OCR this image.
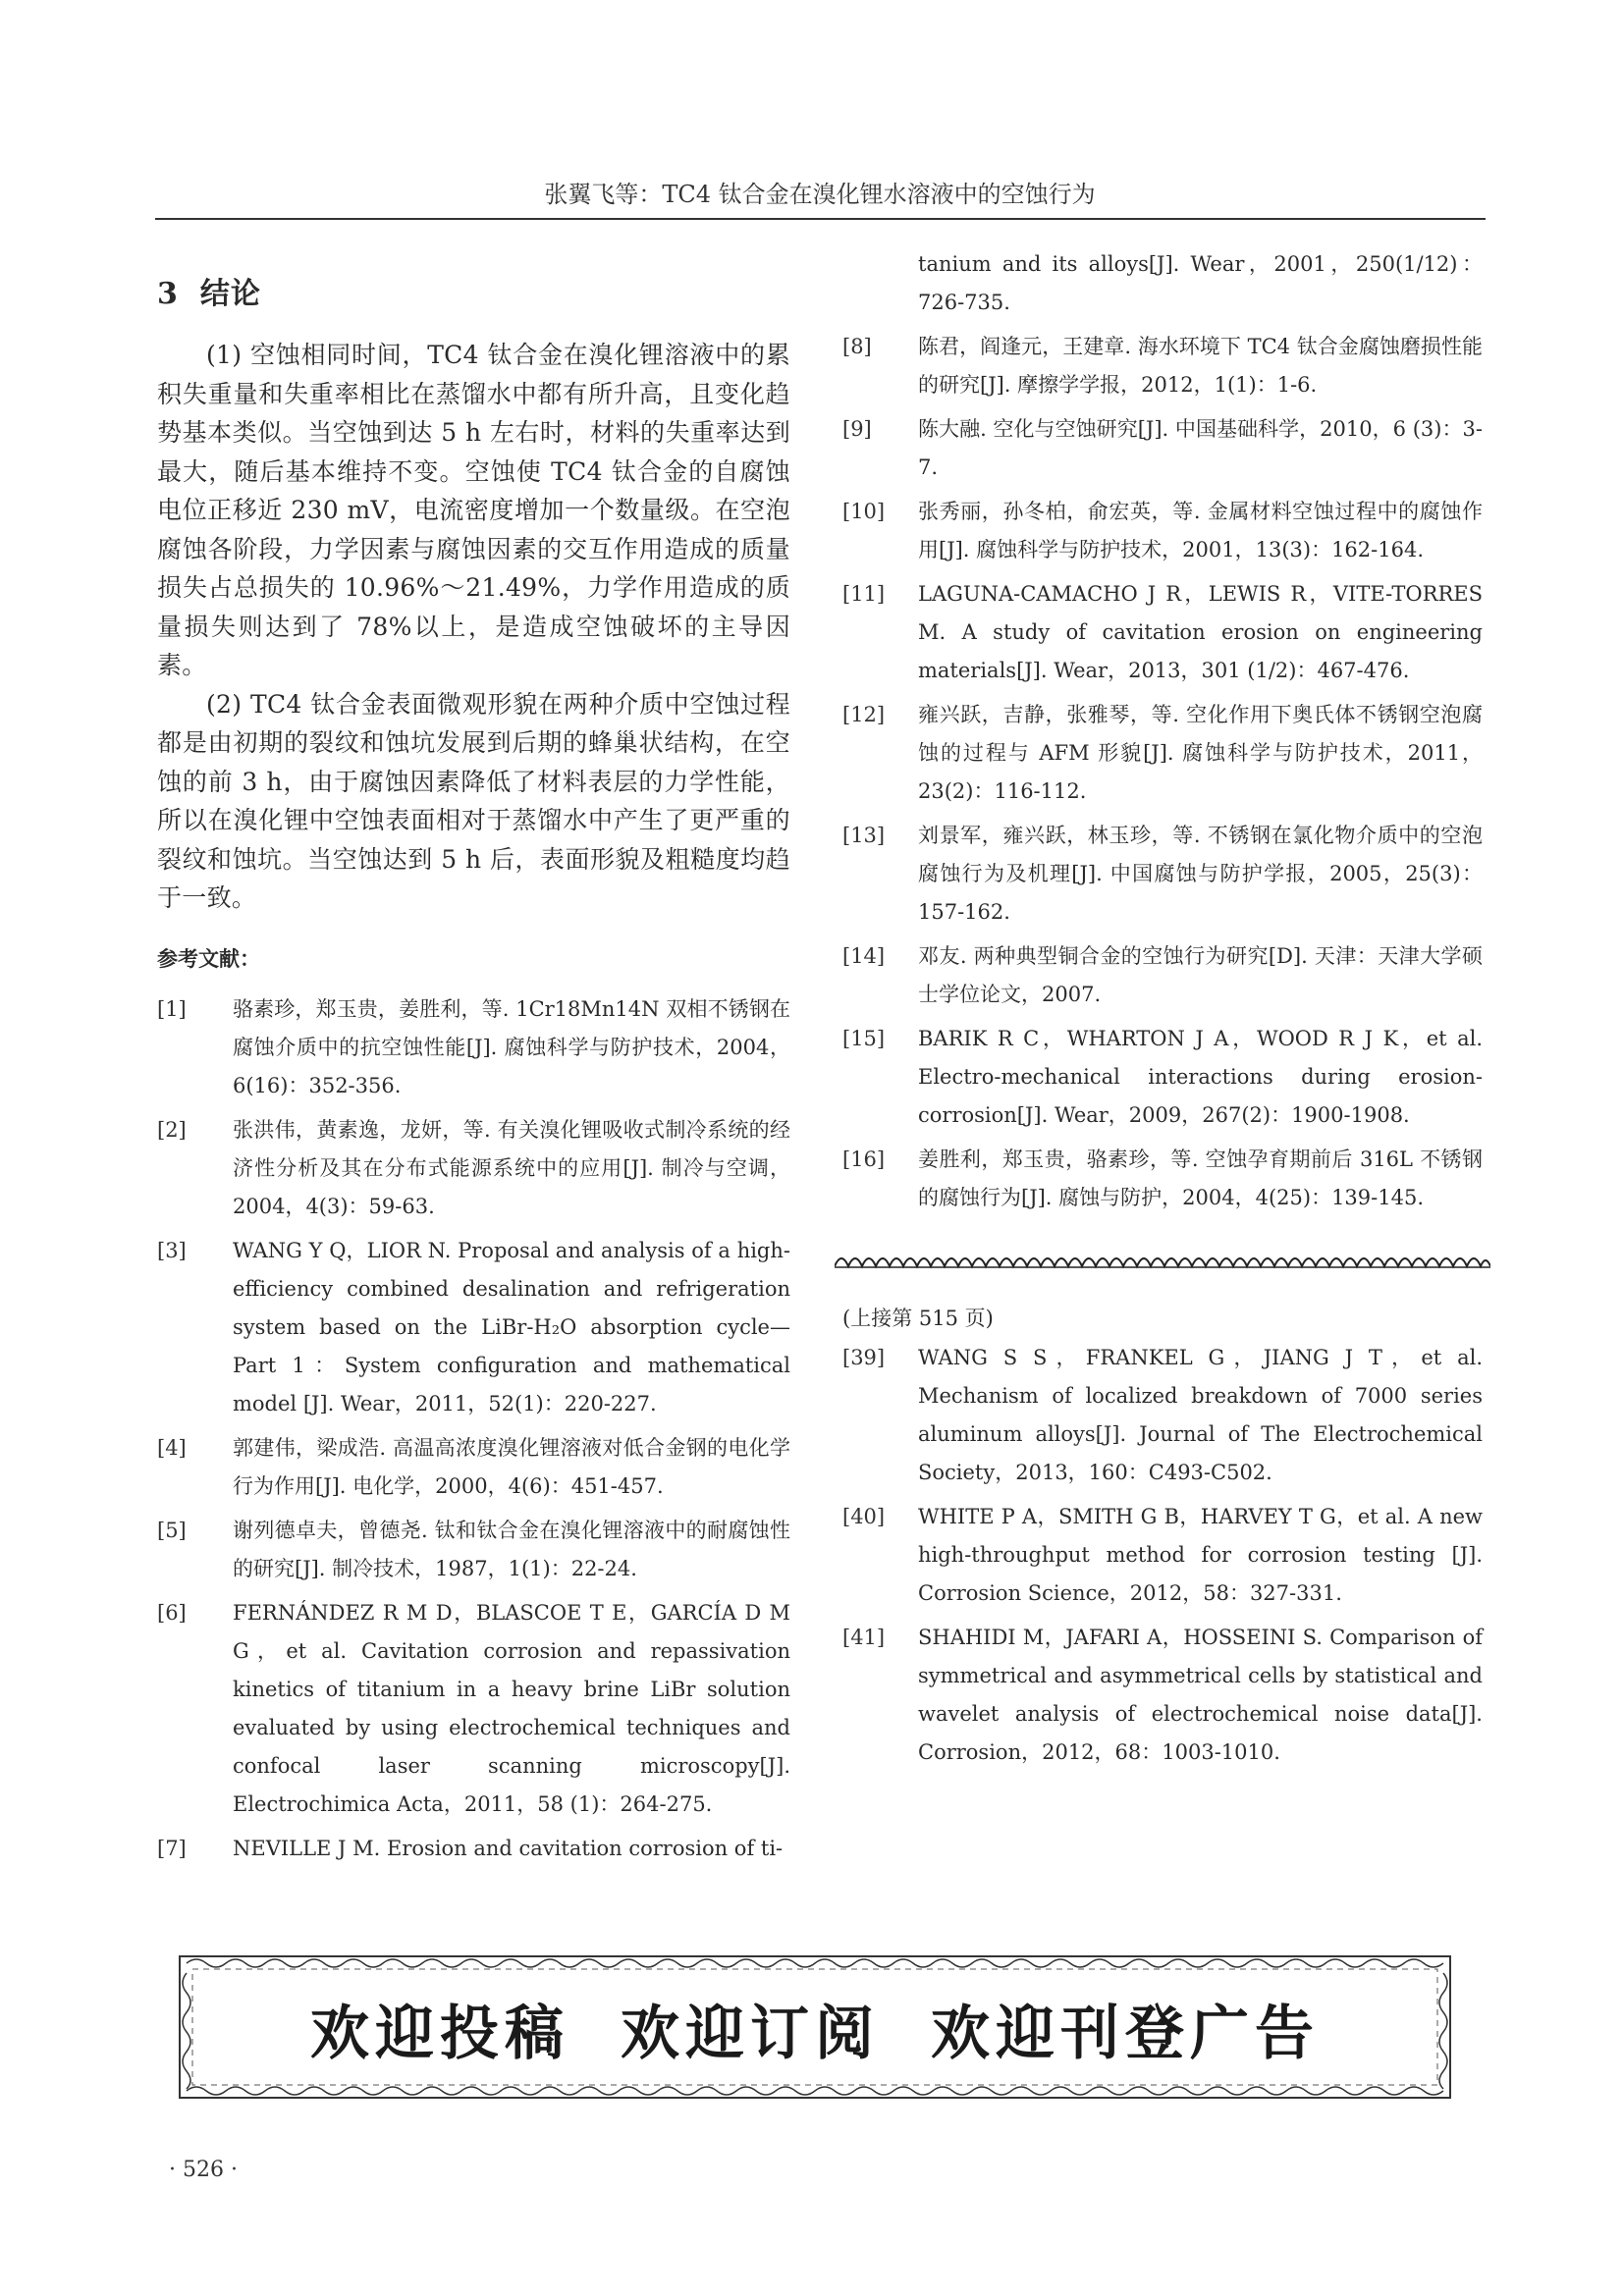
张翼飞等：TC4 钛合金在溴化锂水溶液中的空蚀行为
3 结论

(1) 空蚀相同时间，TC4 钛合金在溴化锂溶液中的累积失重量和失重率相比在蒸馏水中都有所升高，且变化趋势基本类似。当空蚀到达 5 h 左右时，材料的失重率达到最大，随后基本维持不变。空蚀使 TC4 钛合金的自腐蚀电位正移近 230 mV，电流密度增加一个数量级。在空泡腐蚀各阶段，力学因素与腐蚀因素的交互作用造成的质量损失占总损失的 10.96%～21.49%，力学作用造成的质量损失则达到了 78%以上，是造成空蚀破坏的主导因素。

(2) TC4 钛合金表面微观形貌在两种介质中空蚀过程都是由初期的裂纹和蚀坑发展到后期的蜂巢状结构，在空蚀的前 3 h，由于腐蚀因素降低了材料表层的力学性能，所以在溴化锂中空蚀表面相对于蒸馏水中产生了更严重的裂纹和蚀坑。当空蚀达到 5 h 后，表面形貌及粗糙度均趋于一致。

参考文献：
[1]	骆素珍，郑玉贵，姜胜利，等. 1Cr18Mn14N 双相不锈钢在腐蚀介质中的抗空蚀性能[J]. 腐蚀科学与防护技术，2004，6(16)：352-356.
[2]	张洪伟，黄素逸，龙妍，等. 有关溴化锂吸收式制冷系统的经济性分析及其在分布式能源系统中的应用[J]. 制冷与空调，2004，4(3)：59-63.
[3]	WANG Y Q，LIOR N. Proposal and analysis of a high-efficiency combined desalination and refrigeration system based on the LiBr-H₂O absorption cycle—Part 1：System configuration and mathematical model [J]. Wear，2011，52(1)：220-227.
[4]	郭建伟，梁成浩. 高温高浓度溴化锂溶液对低合金钢的电化学行为作用[J]. 电化学，2000，4(6)：451-457.
[5]	谢列德卓夫，曾德尧. 钛和钛合金在溴化锂溶液中的耐腐蚀性的研究[J]. 制冷技术，1987，1(1)：22-24.
[6]	FERNÁNDEZ R M D，BLASCOE T E，GARCÍA D M G，et al. Cavitation corrosion and repassivation kinetics of titanium in a heavy brine LiBr solution evaluated by using electrochemical techniques and confocal laser scanning microscopy[J]. Electrochimica Acta，2011，58 (1)：264-275.
[7]	NEVILLE J M. Erosion and cavitation corrosion of ti-
tanium and its alloys[J]. Wear，2001，250(1/12)：726-735.
[8]	陈君，阎逢元，王建章. 海水环境下 TC4 钛合金腐蚀磨损性能的研究[J]. 摩擦学学报，2012，1(1)：1-6.
[9]	陈大融. 空化与空蚀研究[J]. 中国基础科学，2010，6 (3)：3-7.
[10]	张秀丽，孙冬柏，俞宏英，等. 金属材料空蚀过程中的腐蚀作用[J]. 腐蚀科学与防护技术，2001，13(3)：162-164.
[11]	LAGUNA-CAMACHO J R，LEWIS R，VITE-TORRES M. A study of cavitation erosion on engineering materials[J]. Wear，2013，301 (1/2)：467-476.
[12]	雍兴跃，吉静，张雅琴，等. 空化作用下奥氏体不锈钢空泡腐蚀的过程与 AFM 形貌[J]. 腐蚀科学与防护技术，2011，23(2)：116-112.
[13]	刘景军，雍兴跃，林玉珍，等. 不锈钢在氯化物介质中的空泡腐蚀行为及机理[J]. 中国腐蚀与防护学报，2005，25(3)：157-162.
[14]	邓友. 两种典型铜合金的空蚀行为研究[D]. 天津：天津大学硕士学位论文，2007.
[15]	BARIK R C，WHARTON J A，WOOD R J K，et al. Electro-mechanical interactions during erosion-corrosion[J]. Wear，2009，267(2)：1900-1908.
[16]	姜胜利，郑玉贵，骆素珍，等. 空蚀孕育期前后 316L 不锈钢的腐蚀行为[J]. 腐蚀与防护，2004，4(25)：139-145.
(上接第 515 页)
[39]	WANG S S，FRANKEL G，JIANG J T，et al. Mechanism of localized breakdown of 7000 series aluminum alloys[J]. Journal of The Electrochemical Society，2013，160：C493-C502.
[40]	WHITE P A，SMITH G B，HARVEY T G，et al. A new high-throughput method for corrosion testing [J]. Corrosion Science，2012，58：327-331.
[41]	SHAHIDI M，JAFARI A，HOSSEINI S. Comparison of symmetrical and asymmetrical cells by statistical and wavelet analysis of electrochemical noise data[J]. Corrosion，2012，68：1003-1010.
欢迎投稿 欢迎订阅 欢迎刊登广告
· 526 ·
